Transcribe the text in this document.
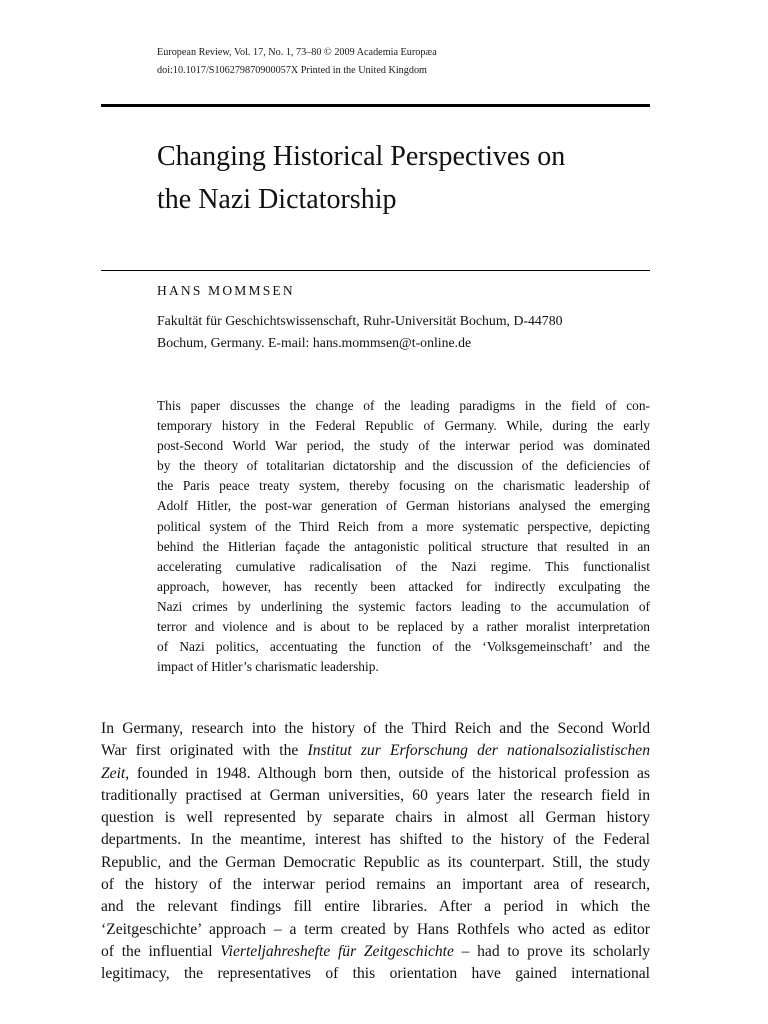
European Review, Vol. 17, No. 1, 73–80 © 2009 Academia Europæa
doi:10.1017/S106279870900057X Printed in the United Kingdom
Changing Historical Perspectives on
the Nazi Dictatorship
HANS MOMMSEN
Fakultät für Geschichtswissenschaft, Ruhr-Universität Bochum, D-44780
Bochum, Germany. E-mail: hans.mommsen@t-online.de
This paper discusses the change of the leading paradigms in the field of con-
temporary history in the Federal Republic of Germany. While, during the early
post-Second World War period, the study of the interwar period was dominated
by the theory of totalitarian dictatorship and the discussion of the deficiencies of
the Paris peace treaty system, thereby focusing on the charismatic leadership of
Adolf Hitler, the post-war generation of German historians analysed the emerging
political system of the Third Reich from a more systematic perspective, depicting
behind the Hitlerian façade the antagonistic political structure that resulted in an
accelerating cumulative radicalisation of the Nazi regime. This functionalist
approach, however, has recently been attacked for indirectly exculpating the
Nazi crimes by underlining the systemic factors leading to the accumulation of
terror and violence and is about to be replaced by a rather moralist interpretation
of Nazi politics, accentuating the function of the ‘Volksgemeinschaft’ and the
impact of Hitler’s charismatic leadership.
In Germany, research into the history of the Third Reich and the Second World
War first originated with the Institut zur Erforschung der nationalsozialistischen
Zeit, founded in 1948. Although born then, outside of the historical profession as
traditionally practised at German universities, 60 years later the research field in
question is well represented by separate chairs in almost all German history
departments. In the meantime, interest has shifted to the history of the Federal
Republic, and the German Democratic Republic as its counterpart. Still, the study
of the history of the interwar period remains an important area of research,
and the relevant findings fill entire libraries. After a period in which the
‘Zeitgeschichte’ approach – a term created by Hans Rothfels who acted as editor
of the influential Vierteljahreshefte für Zeitgeschichte – had to prove its scholarly
legitimacy, the representatives of this orientation have gained international
